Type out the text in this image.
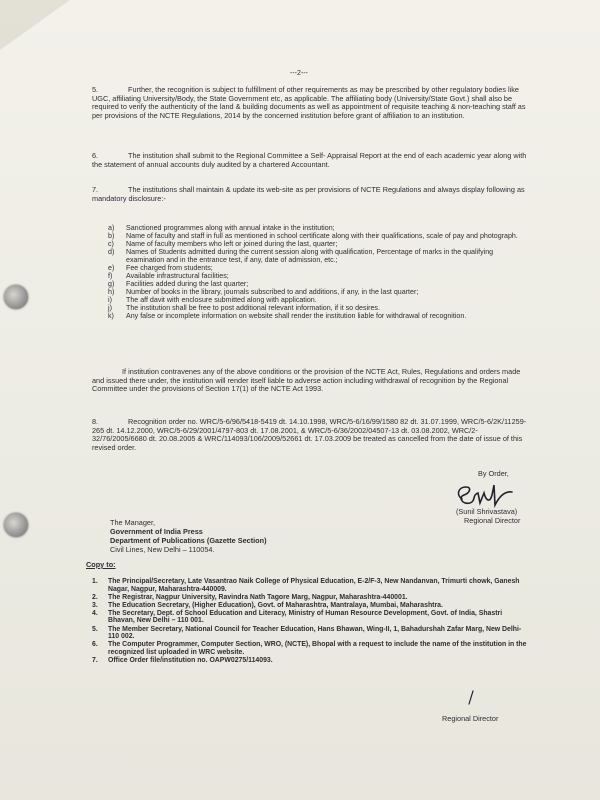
---2---
5.	Further, the recognition is subject to fulfillment of other requirements as may be prescribed by other regulatory bodies like UGC, affiliating University/Body, the State Government etc, as applicable. The affiliating body (University/State Govt.) shall also be required to verify the authenticity of the land & building documents as well as appointment of requisite teaching & non-teaching staff as per provisions of the NCTE Regulations, 2014 by the concerned institution before grant of affiliation to an institution.
6.	The institution shall submit to the Regional Committee a Self- Appraisal Report at the end of each academic year along with the statement of annual accounts duly audited by a chartered Accountant.
7.	The institutions shall maintain & update its web-site as per provisions of NCTE Regulations and always display following as mandatory disclosure:-
a) Sanctioned programmes along with annual intake in the institution;
b) Name of faculty and staff in full as mentioned in school certificate along with their qualifications, scale of pay and photograph.
c) Name of faculty members who left or joined during the last, quarter;
d) Names of Students admitted during the current session along with qualification, Percentage of marks in the qualifying examination and in the entrance test, if any, date of admission, etc.;
e) Fee charged from students;
f) Available infrastructural facilities;
g) Facilities added during the last quarter;
h) Number of books in the library, journals subscribed to and additions, if any, in the last quarter;
i) The aff davit with enclosure submitted along with application.
j) The institution shall be free to post additional relevant information, if it so desires.
k) Any false or incomplete information on website shall render the institution liable for withdrawal of recognition.
If institution contravenes any of the above conditions or the provision of the NCTE Act, Rules, Regulations and orders made and issued there under, the institution will render itself liable to adverse action including withdrawal of recognition by the Regional Committee under the provisions of Section 17(1) of the NCTE Act 1993.
8.	Recognition order no. WRC/5-6/96/5418-5419 dt. 14.10.1998, WRC/5-6/16/99/1580 82 dt. 31.07.1999, WRC/5-6/2K/11259-265 dt. 14.12.2000, WRC/5-6/29/2001/4797-803 dt. 17.08.2001, & WRC/5-6/36/2002/04507-13 dt. 03.08.2002, WRC/2-32/76/2005/6680 dt. 20.08.2005 & WRC/114093/106/2009/52661 dt. 17.03.2009 be treated as cancelled from the date of issue of this revised order.
By Order,
(Sunil Shrivastava)
Regional Director
The Manager,
Government of India Press
Department of Publications (Gazette Section)
Civil Lines, New Delhi – 110054.
Copy to:
1. The Principal/Secretary, Late Vasantrao Naik College of Physical Education, E-2/F-3, New Nandanvan, Trimurti chowk, Ganesh Nagar, Nagpur, Maharashtra-440009.
2. The Registrar, Nagpur University, Ravindra Nath Tagore Marg, Nagpur, Maharashtra-440001.
3. The Education Secretary, (Higher Education), Govt. of Maharashtra, Mantralaya, Mumbai, Maharashtra.
4. The Secretary, Dept. of School Education and Literacy, Ministry of Human Resource Development, Govt. of India, Shastri Bhavan, New Delhi – 110 001.
5. The Member Secretary, National Council for Teacher Education, Hans Bhawan, Wing-II, 1, Bahadurshah Zafar Marg, New Delhi-110 002.
6. The Computer Programmer, Computer Section, WRO, (NCTE), Bhopal with a request to include the name of the institution in the recognized list uploaded in WRC website.
7. Office Order file/institution no. OAPW0275/114093.
Regional Director
